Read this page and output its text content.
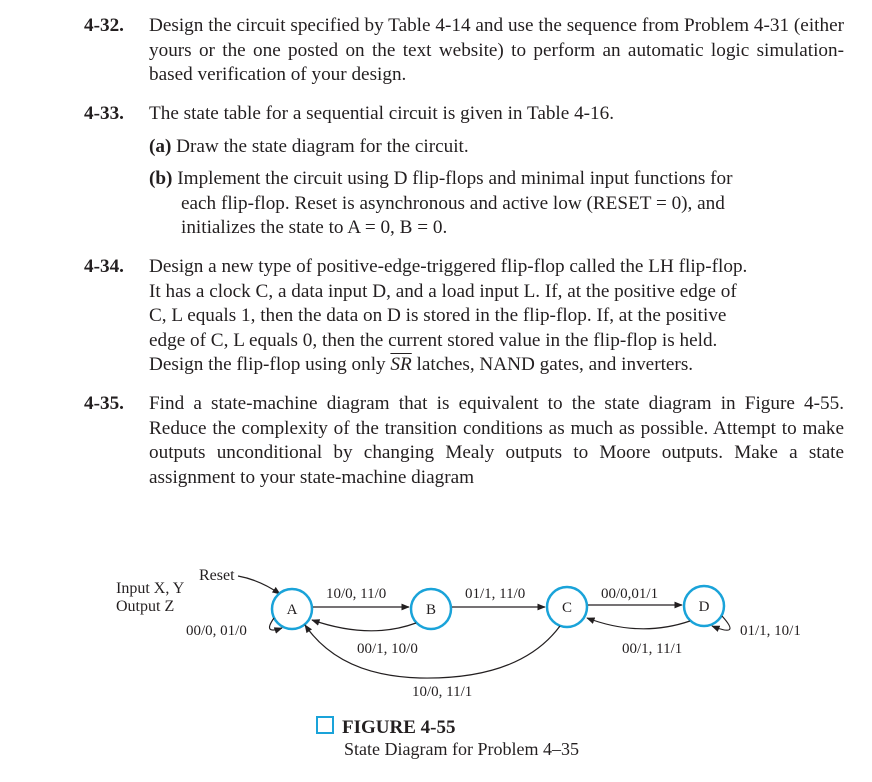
4-32. Design the circuit specified by Table 4-14 and use the sequence from Problem 4-31 (either yours or the one posted on the text website) to perform an automatic logic simulation-based verification of your design.
4-33. The state table for a sequential circuit is given in Table 4-16.
(a) Draw the state diagram for the circuit.
(b) Implement the circuit using D flip-flops and minimal input functions for
each flip-flop. Reset is asynchronous and active low (RESET = 0), and
initializes the state to A = 0, B = 0.
4-34. Design a new type of positive-edge-triggered flip-flop called the LH flip-flop.
It has a clock C, a data input D, and a load input L. If, at the positive edge of
C, L equals 1, then the data on D is stored in the flip-flop. If, at the positive
edge of C, L equals 0, then the current stored value in the flip-flop is held.
Design the flip-flop using only $\overline{S}\overline{R}$ latches, NAND gates, and inverters.
4-35. Find a state-machine diagram that is equivalent to the state diagram in Figure 4-55. Reduce the complexity of the transition conditions as much as possible. Attempt to make outputs unconditional by changing Mealy outputs to Moore outputs. Make a state assignment to your state-machine diagram
Reset
Input X, Y
Output Z	A	B	C	D
00/0, 01/0
10/0, 11/0
00/1, 10/0
01/1, 11/0
10/0, 11/1
00/0,01/1
00/1, 11/1
01/1, 10/1
FIGURE 4-55
State Diagram for Problem 4–35
